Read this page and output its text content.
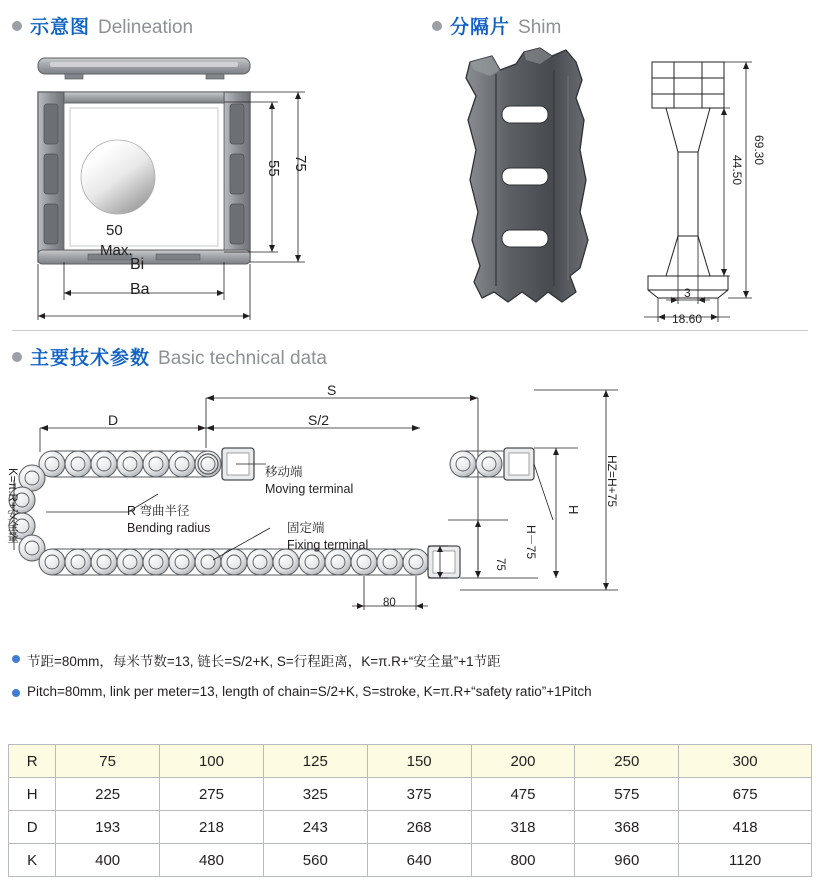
示意图 Delineation	分隔片 Shim
主要技术参数 Basic technical data
50
Max.
55 75
Bi
Ba
69.30
44.50
3
18.60
S
S/2
D
K=π.R+安全量	R 弯曲半径
Bending radius
移动端
Moving terminal
固定端
Fixing terminal	H－75
H
HZ=H+75
75
80
节距=80mm，每米节数=13, 链长=S/2+K, S=行程距离，K=π.R+“安全量”+1节距
Pitch=80mm, link per meter=13, length of chain=S/2+K, S=stroke, K=π.R+“safety ratio”+1Pitch
R	75	100	125	150	200	250	300
H	225	275	325	375	475	575	675
D	193	218	243	268	318	368	418
K	400	480	560	640	800	960	1120
